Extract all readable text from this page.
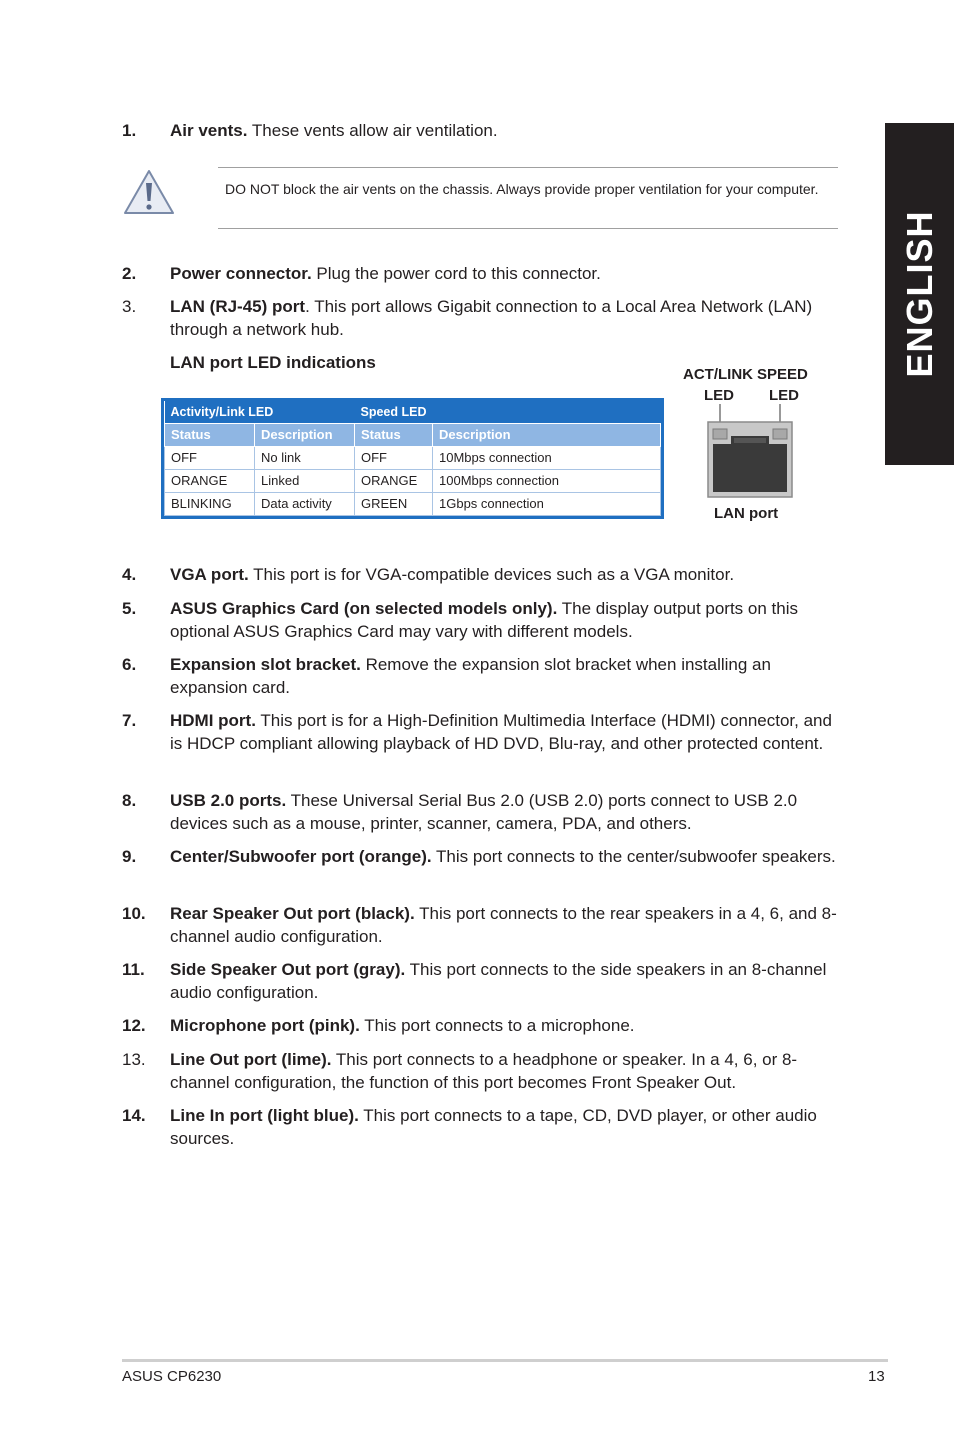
ENGLISH
1. Air vents. These vents allow air ventilation.

DO NOT block the air vents on the chassis. Always provide proper ventilation for your computer.

2. Power connector. Plug the power cord to this connector.
3. LAN (RJ-45) port. This port allows Gigabit connection to a Local Area Network (LAN) through a network hub.
LAN port LED indications
Activity/Link LED		Speed LED	
Status	Description	Status	Description
OFF	No link	OFF	10Mbps connection
ORANGE	Linked	ORANGE	100Mbps connection
BLINKING	Data activity	GREEN	1Gbps connection
ACT/LINK SPEED
LED LED
LAN port
4. VGA port. This port is for VGA-compatible devices such as a VGA monitor.
5. ASUS Graphics Card (on selected models only). The display output ports on this optional ASUS Graphics Card may vary with different models.
6. Expansion slot bracket. Remove the expansion slot bracket when installing an expansion card.
7. HDMI port. This port is for a High-Definition Multimedia Interface (HDMI) connector, and is HDCP compliant allowing playback of HD DVD, Blu-ray, and other protected content.
8. USB 2.0 ports. These Universal Serial Bus 2.0 (USB 2.0) ports connect to USB 2.0 devices such as a mouse, printer, scanner, camera, PDA, and others.
9. Center/Subwoofer port (orange). This port connects to the center/subwoofer speakers.
10. Rear Speaker Out port (black). This port connects to the rear speakers in a 4, 6, and 8-channel audio configuration.
11. Side Speaker Out port (gray). This port connects to the side speakers in an 8-channel audio configuration.
12. Microphone port (pink). This port connects to a microphone.
13. Line Out port (lime). This port connects to a headphone or speaker. In a 4, 6, or 8-channel configuration, the function of this port becomes Front Speaker Out.
14. Line In port (light blue). This port connects to a tape, CD, DVD player, or other audio sources.
ASUS CP6230	13
